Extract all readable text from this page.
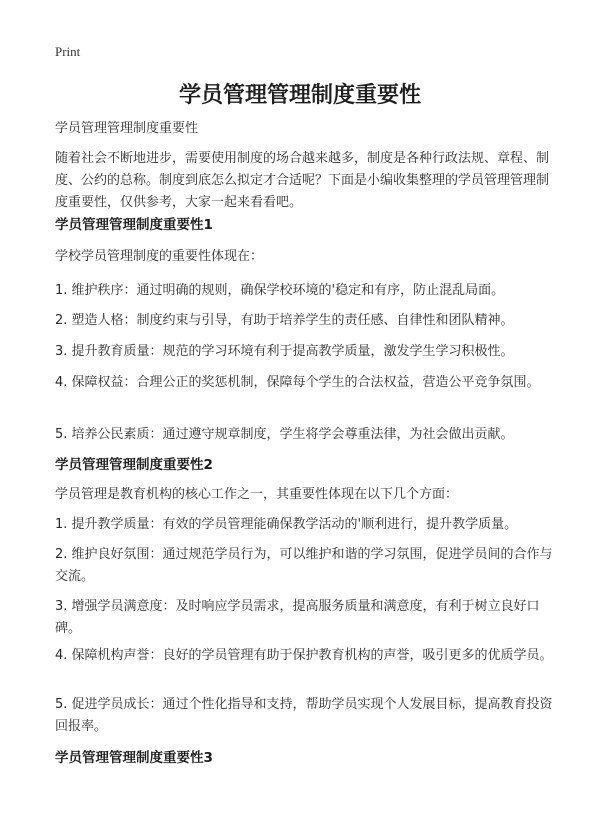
Print
学员管理管理制度重要性
学员管理管理制度重要性
随着社会不断地进步，需要使用制度的场合越来越多，制度是各种行政法规、章程、制度、公约的总称。制度到底怎么拟定才合适呢？下面是小编收集整理的学员管理管理制度重要性，仅供参考，大家一起来看看吧。
学员管理管理制度重要性1
学校学员管理制度的重要性体现在：
1. 维护秩序：通过明确的规则，确保学校环境的'稳定和有序，防止混乱局面。
2. 塑造人格：制度约束与引导，有助于培养学生的责任感、自律性和团队精神。
3. 提升教育质量：规范的学习环境有利于提高教学质量，激发学生学习积极性。
4. 保障权益：合理公正的奖惩机制，保障每个学生的合法权益，营造公平竞争氛围。
5. 培养公民素质：通过遵守规章制度，学生将学会尊重法律，为社会做出贡献。
学员管理管理制度重要性2
学员管理是教育机构的核心工作之一，其重要性体现在以下几个方面：
1. 提升教学质量：有效的学员管理能确保教学活动的'顺利进行，提升教学质量。
2. 维护良好氛围：通过规范学员行为，可以维护和谐的学习氛围，促进学员间的合作与交流。
3. 增强学员满意度：及时响应学员需求，提高服务质量和满意度，有利于树立良好口碑。
4. 保障机构声誉：良好的学员管理有助于保护教育机构的声誉，吸引更多的优质学员。
5. 促进学员成长：通过个性化指导和支持，帮助学员实现个人发展目标，提高教育投资回报率。
学员管理管理制度重要性3
